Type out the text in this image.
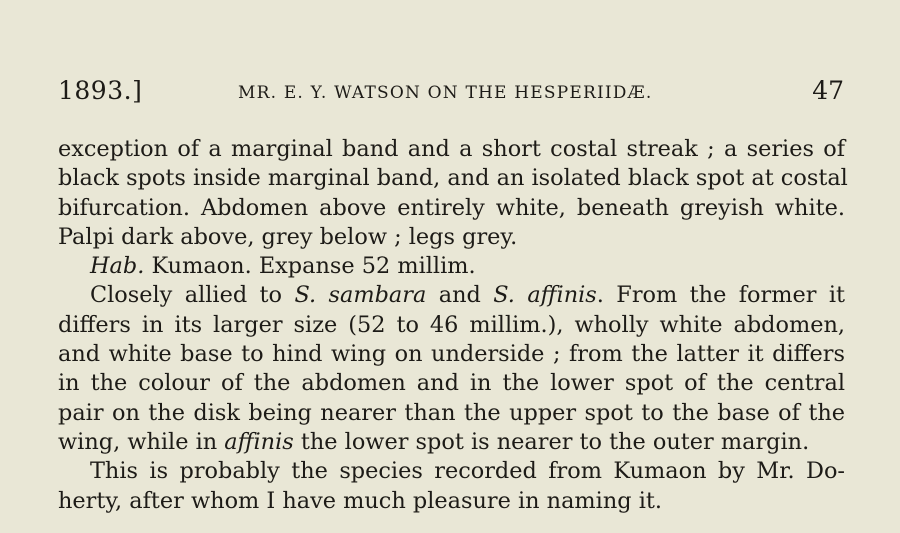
1893.]	MR. E. Y. WATSON ON THE HESPERIIDÆ.	47
exception of a marginal band and a short costal streak ; a series of
black spots inside marginal band, and an isolated black spot at costal
bifurcation. Abdomen above entirely white, beneath greyish white.
Palpi dark above, grey below ; legs grey.
Hab. Kumaon. Expanse 52 millim.
Closely allied to S. sambara and S. affinis. From the former it
differs in its larger size (52 to 46 millim.), wholly white abdomen,
and white base to hind wing on underside ; from the latter it differs
in the colour of the abdomen and in the lower spot of the central
pair on the disk being nearer than the upper spot to the base of the
wing, while in affinis the lower spot is nearer to the outer margin.
This is probably the species recorded from Kumaon by Mr. Do-
herty, after whom I have much pleasure in naming it.
